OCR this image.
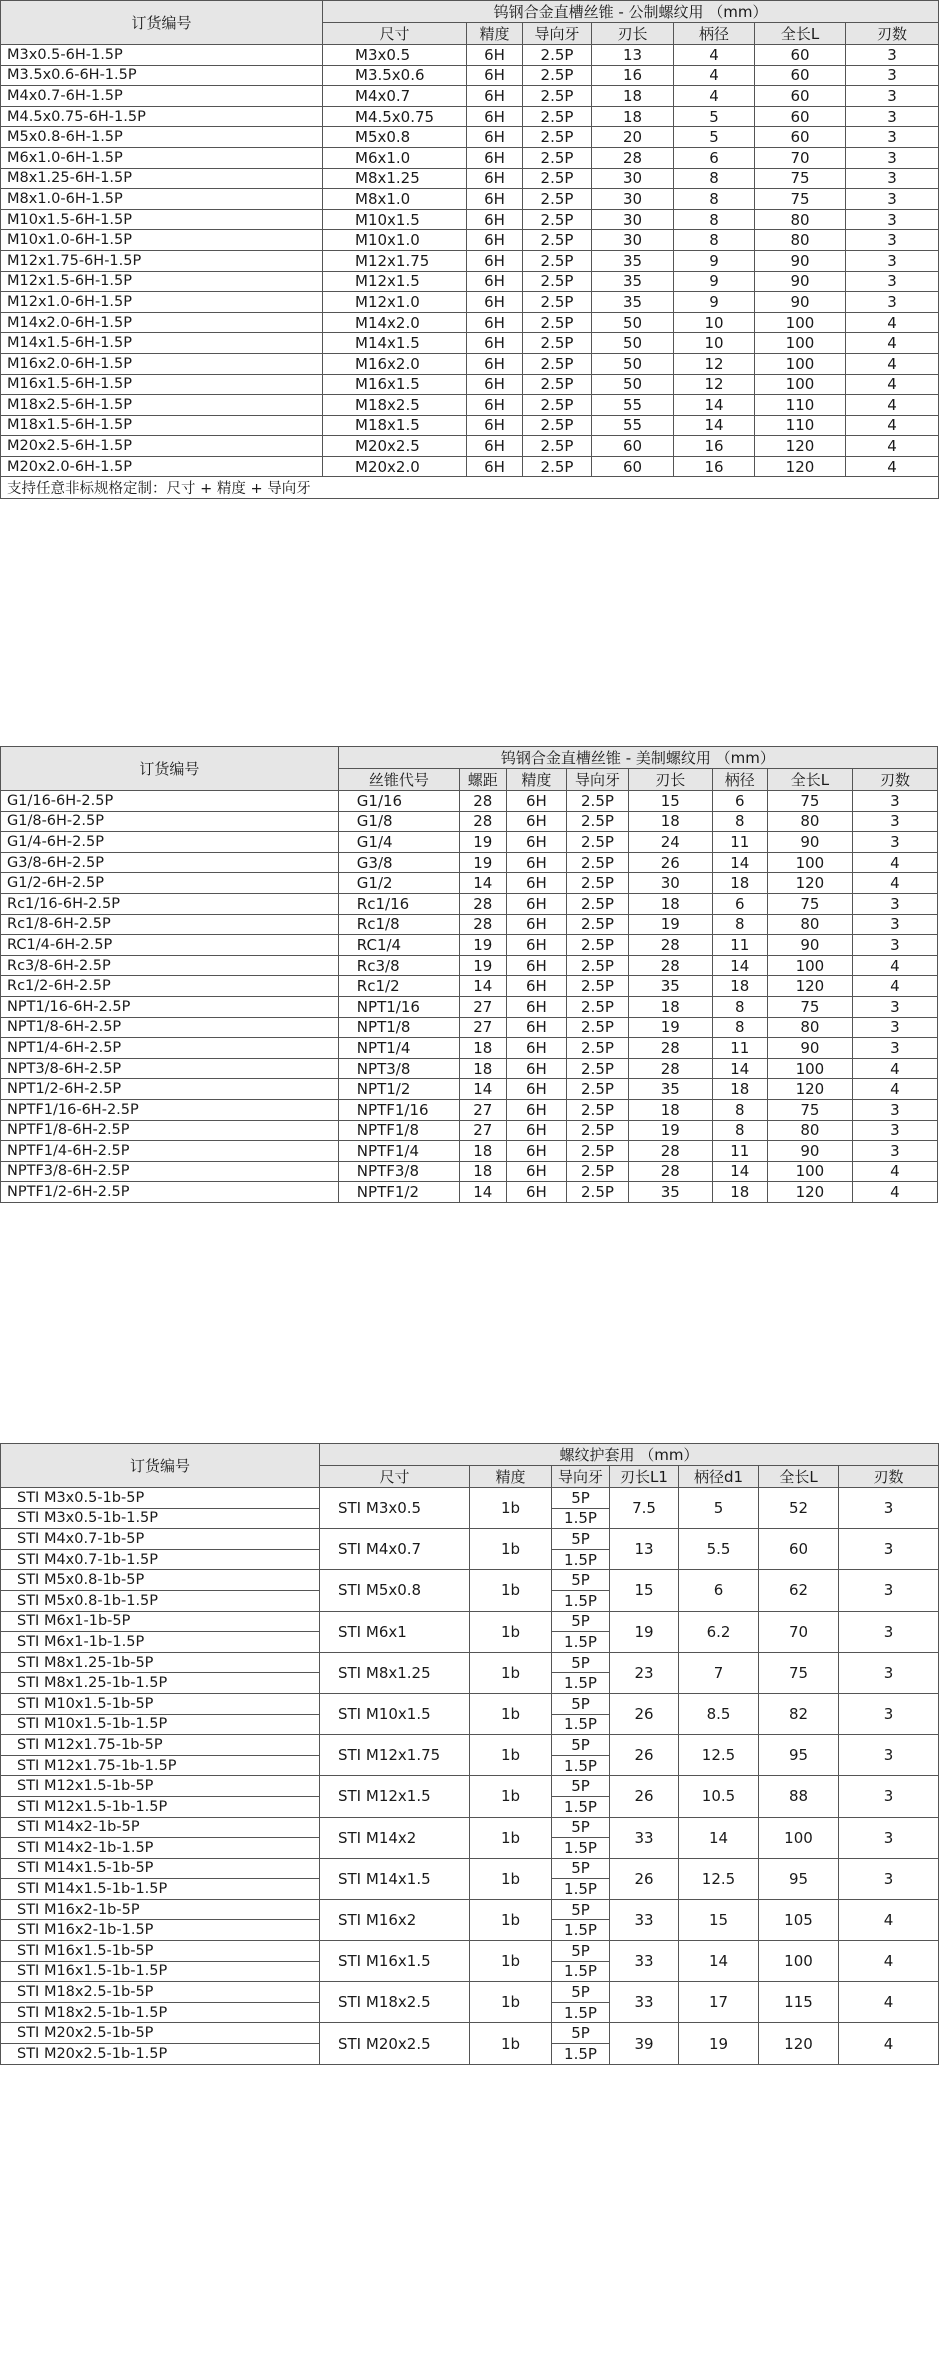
订货编号	钨钢合金直槽丝锥 - 公制螺纹用 （mm）						
	尺寸	精度	导向牙	刃长	柄径	全长L	刃数
M3x0.5-6H-1.5P	M3x0.5	6H	2.5P	13	4	60	3
M3.5x0.6-6H-1.5P	M3.5x0.6	6H	2.5P	16	4	60	3
M4x0.7-6H-1.5P	M4x0.7	6H	2.5P	18	4	60	3
M4.5x0.75-6H-1.5P	M4.5x0.75	6H	2.5P	18	5	60	3
M5x0.8-6H-1.5P	M5x0.8	6H	2.5P	20	5	60	3
M6x1.0-6H-1.5P	M6x1.0	6H	2.5P	28	6	70	3
M8x1.25-6H-1.5P	M8x1.25	6H	2.5P	30	8	75	3
M8x1.0-6H-1.5P	M8x1.0	6H	2.5P	30	8	75	3
M10x1.5-6H-1.5P	M10x1.5	6H	2.5P	30	8	80	3
M10x1.0-6H-1.5P	M10x1.0	6H	2.5P	30	8	80	3
M12x1.75-6H-1.5P	M12x1.75	6H	2.5P	35	9	90	3
M12x1.5-6H-1.5P	M12x1.5	6H	2.5P	35	9	90	3
M12x1.0-6H-1.5P	M12x1.0	6H	2.5P	35	9	90	3
M14x2.0-6H-1.5P	M14x2.0	6H	2.5P	50	10	100	4
M14x1.5-6H-1.5P	M14x1.5	6H	2.5P	50	10	100	4
M16x2.0-6H-1.5P	M16x2.0	6H	2.5P	50	12	100	4
M16x1.5-6H-1.5P	M16x1.5	6H	2.5P	50	12	100	4
M18x2.5-6H-1.5P	M18x2.5	6H	2.5P	55	14	110	4
M18x1.5-6H-1.5P	M18x1.5	6H	2.5P	55	14	110	4
M20x2.5-6H-1.5P	M20x2.5	6H	2.5P	60	16	120	4
M20x2.0-6H-1.5P	M20x2.0	6H	2.5P	60	16	120	4
支持任意非标规格定制：尺寸 + 精度 + 导向牙							
订货编号	钨钢合金直槽丝锥 - 美制螺纹用 （mm）							
	丝锥代号	螺距	精度	导向牙	刃长	柄径	全长L	刃数
G1/16-6H-2.5P	G1/16	28	6H	2.5P	15	6	75	3
G1/8-6H-2.5P	G1/8	28	6H	2.5P	18	8	80	3
G1/4-6H-2.5P	G1/4	19	6H	2.5P	24	11	90	3
G3/8-6H-2.5P	G3/8	19	6H	2.5P	26	14	100	4
G1/2-6H-2.5P	G1/2	14	6H	2.5P	30	18	120	4
Rc1/16-6H-2.5P	Rc1/16	28	6H	2.5P	18	6	75	3
Rc1/8-6H-2.5P	Rc1/8	28	6H	2.5P	19	8	80	3
RC1/4-6H-2.5P	RC1/4	19	6H	2.5P	28	11	90	3
Rc3/8-6H-2.5P	Rc3/8	19	6H	2.5P	28	14	100	4
Rc1/2-6H-2.5P	Rc1/2	14	6H	2.5P	35	18	120	4
NPT1/16-6H-2.5P	NPT1/16	27	6H	2.5P	18	8	75	3
NPT1/8-6H-2.5P	NPT1/8	27	6H	2.5P	19	8	80	3
NPT1/4-6H-2.5P	NPT1/4	18	6H	2.5P	28	11	90	3
NPT3/8-6H-2.5P	NPT3/8	18	6H	2.5P	28	14	100	4
NPT1/2-6H-2.5P	NPT1/2	14	6H	2.5P	35	18	120	4
NPTF1/16-6H-2.5P	NPTF1/16	27	6H	2.5P	18	8	75	3
NPTF1/8-6H-2.5P	NPTF1/8	27	6H	2.5P	19	8	80	3
NPTF1/4-6H-2.5P	NPTF1/4	18	6H	2.5P	28	11	90	3
NPTF3/8-6H-2.5P	NPTF3/8	18	6H	2.5P	28	14	100	4
NPTF1/2-6H-2.5P	NPTF1/2	14	6H	2.5P	35	18	120	4
订货编号	螺纹护套用 （mm）						
	尺寸	精度	导向牙	刃长L1	柄径d1	全长L	刃数
STI M3x0.5-1b-5P	STI M3x0.5	1b	5P	7.5	5	52	3
STI M3x0.5-1b-1.5P			1.5P				
STI M4x0.7-1b-5P	STI M4x0.7	1b	5P	13	5.5	60	3
STI M4x0.7-1b-1.5P			1.5P				
STI M5x0.8-1b-5P	STI M5x0.8	1b	5P	15	6	62	3
STI M5x0.8-1b-1.5P			1.5P				
STI M6x1-1b-5P	STI M6x1	1b	5P	19	6.2	70	3
STI M6x1-1b-1.5P			1.5P				
STI M8x1.25-1b-5P	STI M8x1.25	1b	5P	23	7	75	3
STI M8x1.25-1b-1.5P			1.5P				
STI M10x1.5-1b-5P	STI M10x1.5	1b	5P	26	8.5	82	3
STI M10x1.5-1b-1.5P			1.5P				
STI M12x1.75-1b-5P	STI M12x1.75	1b	5P	26	12.5	95	3
STI M12x1.75-1b-1.5P			1.5P				
STI M12x1.5-1b-5P	STI M12x1.5	1b	5P	26	10.5	88	3
STI M12x1.5-1b-1.5P			1.5P				
STI M14x2-1b-5P	STI M14x2	1b	5P	33	14	100	3
STI M14x2-1b-1.5P			1.5P				
STI M14x1.5-1b-5P	STI M14x1.5	1b	5P	26	12.5	95	3
STI M14x1.5-1b-1.5P			1.5P				
STI M16x2-1b-5P	STI M16x2	1b	5P	33	15	105	4
STI M16x2-1b-1.5P			1.5P				
STI M16x1.5-1b-5P	STI M16x1.5	1b	5P	33	14	100	4
STI M16x1.5-1b-1.5P			1.5P				
STI M18x2.5-1b-5P	STI M18x2.5	1b	5P	33	17	115	4
STI M18x2.5-1b-1.5P			1.5P				
STI M20x2.5-1b-5P	STI M20x2.5	1b	5P	39	19	120	4
STI M20x2.5-1b-1.5P			1.5P				
